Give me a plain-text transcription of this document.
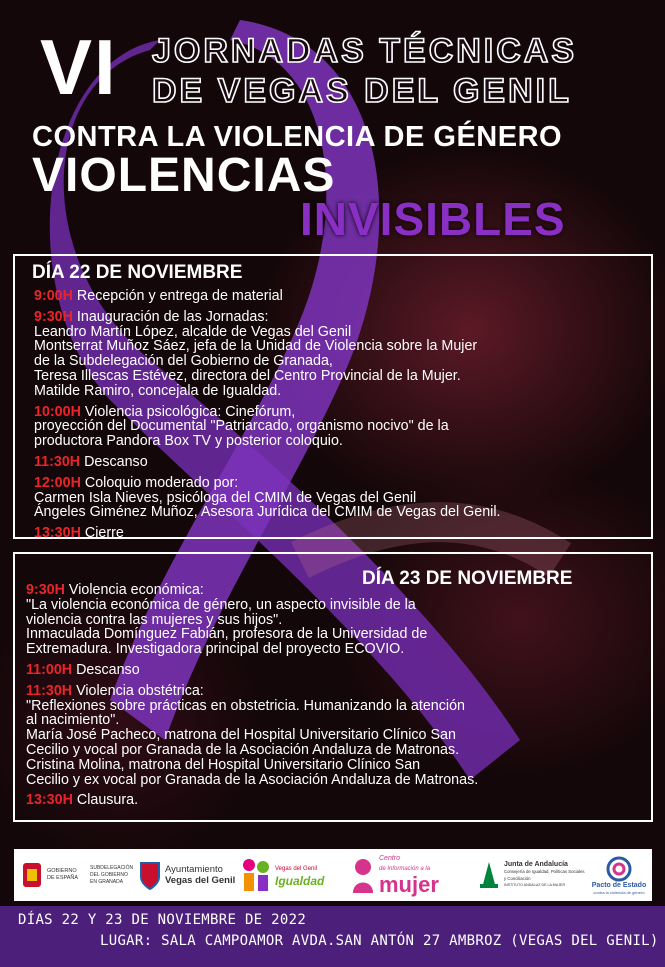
VI JORNADAS TÉCNICAS
DE VEGAS DEL GENIL
CONTRA LA VIOLENCIA DE GÉNERO
VIOLENCIAS
INVISIBLES
DÍA 22 DE NOVIEMBRE
9:00H Recepción y entrega de material
9:30H Inauguración de las Jornadas:
Leandro Martín López, alcalde de Vegas del Genil
Montserrat Muñoz Sáez, jefa de la Unidad de Violencia sobre la Mujer
de la Subdelegación del Gobierno de Granada,
Teresa Illescas Estévez, directora del Centro Provincial de la Mujer.
Matilde Ramiro, concejala de Igualdad.
10:00H Violencia psicológica: Cinefórum,
proyección del Documental "Patriarcado, organismo nocivo" de la
productora Pandora Box TV y posterior coloquio.
11:30H Descanso
12:00H Coloquio moderado por:
Carmen Isla Nieves, psicóloga del CMIM de Vegas del Genil
Ángeles Giménez Muñoz, Asesora Jurídica del CMIM de Vegas del Genil.
13:30H Cierre
DÍA 23 DE NOVIEMBRE
9:30H Violencia económica:
"La violencia económica de género, un aspecto invisible de la
violencia contra las mujeres y sus hijos".
Inmaculada Domínguez Fabián, profesora de la Universidad de
Extremadura. Investigadora principal del proyecto ECOVIO.
11:00H Descanso
11:30H Violencia obstétrica:
"Reflexiones sobre prácticas en obstetricia. Humanizando la atención
al nacimiento".
María José Pacheco, matrona del Hospital Universitario Clínico San
Cecilio y vocal por Granada de la Asociación Andaluza de Matronas.
Cristina Molina, matrona del Hospital Universitario Clínico San
Cecilio y ex vocal por Granada de la Asociación Andaluza de Matronas.
13:30H Clausura.
GOBIERNO
DE ESPAÑA
SUBDELEGACIÓN
DEL GOBIERNO
EN GRANADA
Ayuntamiento
Vegas del Genil
Vegas del Genil
Igualdad
Centro
de Información a la
mujer
Junta de Andalucía
Consejería de Igualdad, Políticas Sociales
y Conciliación
INSTITUTO ANDALUZ DE LA MUJER	Pacto de Estado
contra la violencia de género
DÍAS 22 Y 23 DE NOVIEMBRE DE 2022
LUGAR: SALA CAMPOAMOR AVDA.SAN ANTÓN 27 AMBROZ (VEGAS DEL GENIL)
